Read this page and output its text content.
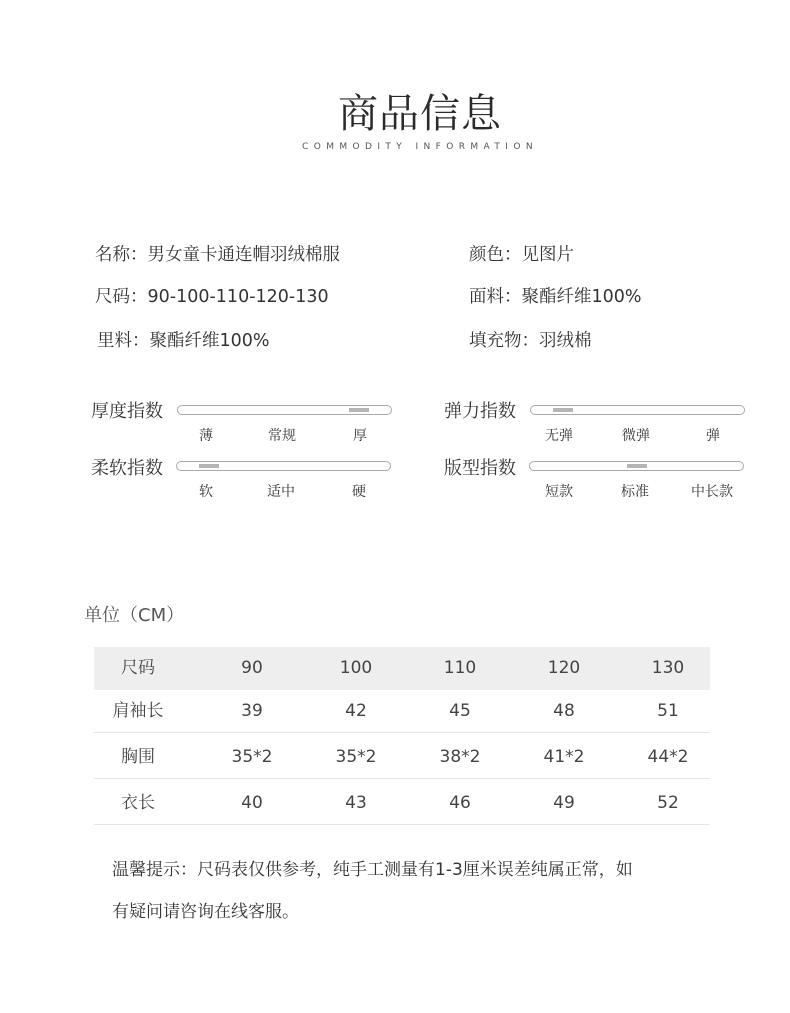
商品信息
COMMODITY INFORMATION
名称：男女童卡通连帽羽绒棉服	颜色：见图片
尺码：90-100-110-120-130	面料：聚酯纤维100%
里料：聚酯纤维100%	填充物：羽绒棉
厚度指数
薄	常规	厚
弹力指数
无弹	微弹	弹
柔软指数
软	适中	硬
版型指数
短款	标准	中长款
单位（CM）
尺码	90	100	110	120	130
肩袖长	39	42	45	48	51
胸围	35*2	35*2	38*2	41*2	44*2
衣长	40	43	46	49	52
温馨提示：尺码表仅供参考，纯手工测量有1-3厘米误差纯属正常，如
有疑问请咨询在线客服。
